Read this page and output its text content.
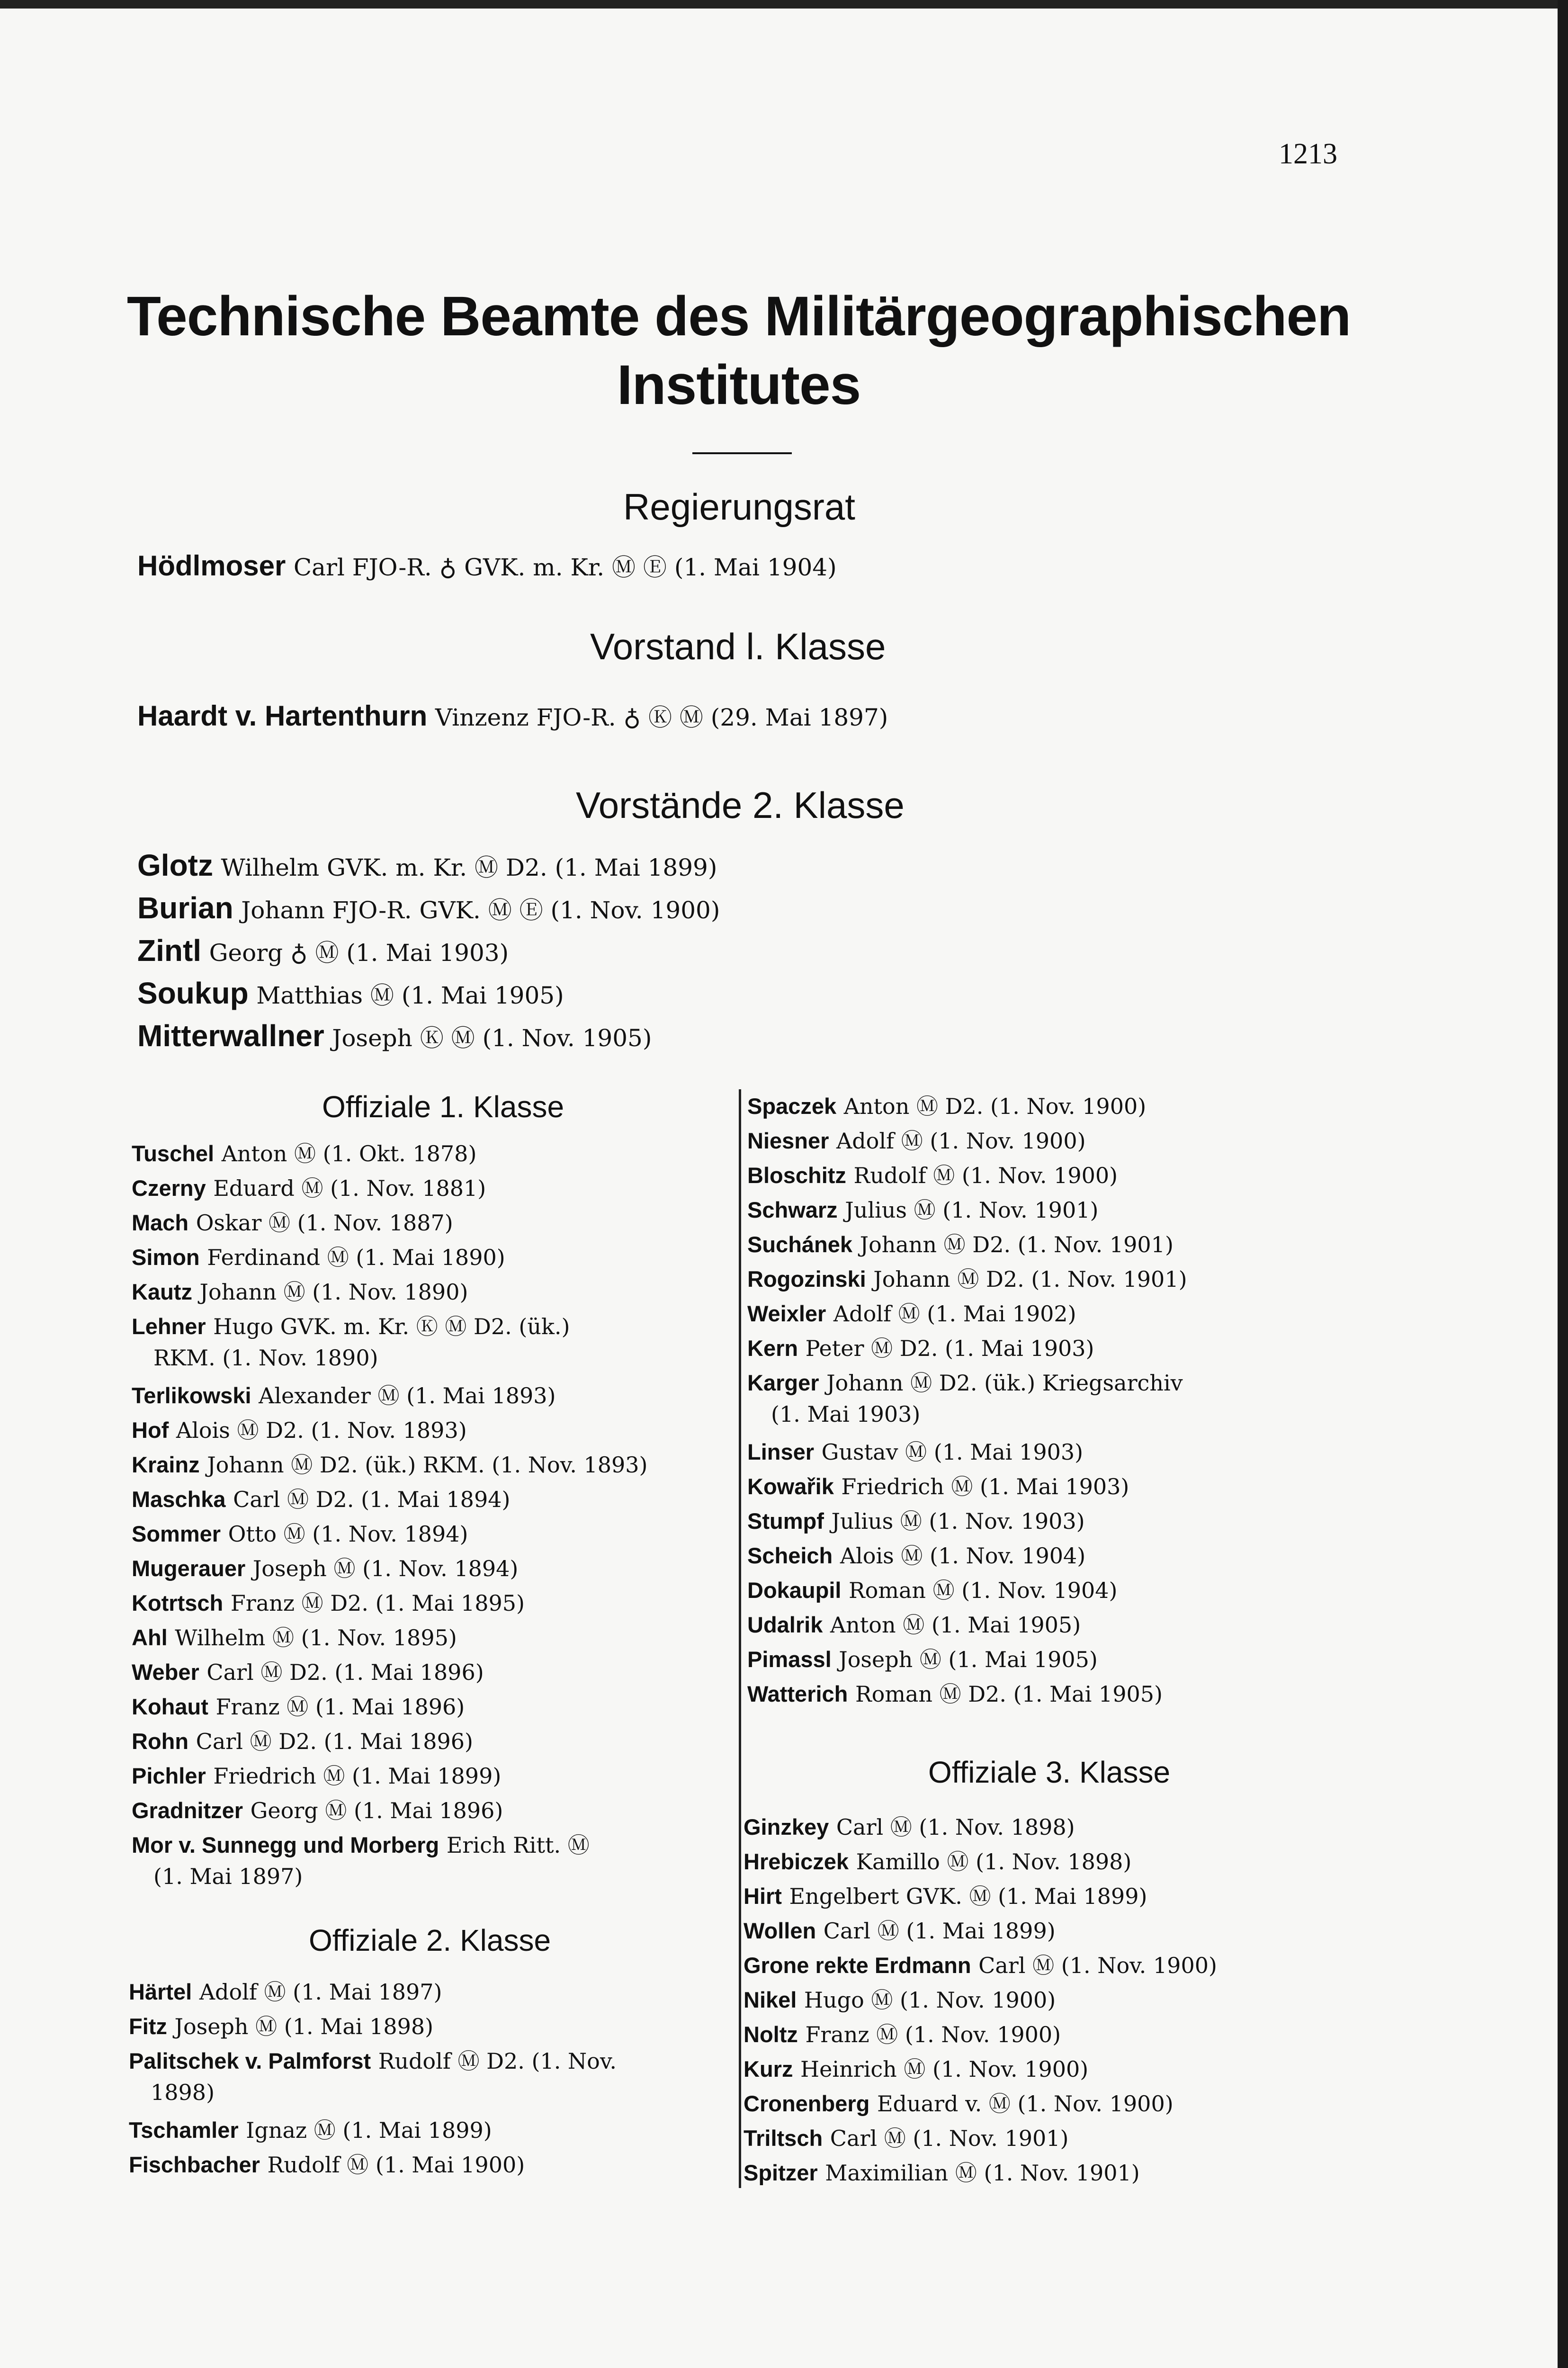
1213
Technische Beamte des Militärgeographischen
Institutes
Regierungsrat
Hödlmoser Carl FJO-R. ♁ GVK. m. Kr. Ⓜ Ⓔ (1. Mai 1904)
Vorstand l. Klasse
Haardt v. Hartenthurn Vinzenz FJO-R. ♁ Ⓚ Ⓜ (29. Mai 1897)
Vorstände 2. Klasse
Glotz Wilhelm GVK. m. Kr. Ⓜ D2. (1. Mai 1899)
Burian Johann FJO-R. GVK. Ⓜ Ⓔ (1. Nov. 1900)
Zintl Georg ♁ Ⓜ (1. Mai 1903)
Soukup Matthias Ⓜ (1. Mai 1905)
Mitterwallner Joseph Ⓚ Ⓜ (1. Nov. 1905)
Offiziale 1. Klasse
Tuschel Anton Ⓜ (1. Okt. 1878)
Czerny Eduard Ⓜ (1. Nov. 1881)
Mach Oskar Ⓜ (1. Nov. 1887)
Simon Ferdinand Ⓜ (1. Mai 1890)
Kautz Johann Ⓜ (1. Nov. 1890)
Lehner Hugo GVK. m. Kr. Ⓚ Ⓜ D2. (ük.)
RKM. (1. Nov. 1890)
Terlikowski Alexander Ⓜ (1. Mai 1893)
Hof Alois Ⓜ D2. (1. Nov. 1893)
Krainz Johann Ⓜ D2. (ük.) RKM. (1. Nov. 1893)
Maschka Carl Ⓜ D2. (1. Mai 1894)
Sommer Otto Ⓜ (1. Nov. 1894)
Mugerauer Joseph Ⓜ (1. Nov. 1894)
Kotrtsch Franz Ⓜ D2. (1. Mai 1895)
Ahl Wilhelm Ⓜ (1. Nov. 1895)
Weber Carl Ⓜ D2. (1. Mai 1896)
Kohaut Franz Ⓜ (1. Mai 1896)
Rohn Carl Ⓜ D2. (1. Mai 1896)
Pichler Friedrich Ⓜ (1. Mai 1899)
Gradnitzer Georg Ⓜ (1. Mai 1896)
Mor v. Sunnegg und Morberg Erich Ritt. Ⓜ
(1. Mai 1897)
Offiziale 2. Klasse
Härtel Adolf Ⓜ (1. Mai 1897)
Fitz Joseph Ⓜ (1. Mai 1898)
Palitschek v. Palmforst Rudolf Ⓜ D2. (1. Nov.
1898)
Tschamler Ignaz Ⓜ (1. Mai 1899)
Fischbacher Rudolf Ⓜ (1. Mai 1900)
Spaczek Anton Ⓜ D2. (1. Nov. 1900)
Niesner Adolf Ⓜ (1. Nov. 1900)
Bloschitz Rudolf Ⓜ (1. Nov. 1900)
Schwarz Julius Ⓜ (1. Nov. 1901)
Suchánek Johann Ⓜ D2. (1. Nov. 1901)
Rogozinski Johann Ⓜ D2. (1. Nov. 1901)
Weixler Adolf Ⓜ (1. Mai 1902)
Kern Peter Ⓜ D2. (1. Mai 1903)
Karger Johann Ⓜ D2. (ük.) Kriegsarchiv
(1. Mai 1903)
Linser Gustav Ⓜ (1. Mai 1903)
Kowařik Friedrich Ⓜ (1. Mai 1903)
Stumpf Julius Ⓜ (1. Nov. 1903)
Scheich Alois Ⓜ (1. Nov. 1904)
Dokaupil Roman Ⓜ (1. Nov. 1904)
Udalrik Anton Ⓜ (1. Mai 1905)
Pimassl Joseph Ⓜ (1. Mai 1905)
Watterich Roman Ⓜ D2. (1. Mai 1905)
Offiziale 3. Klasse
Ginzkey Carl Ⓜ (1. Nov. 1898)
Hrebiczek Kamillo Ⓜ (1. Nov. 1898)
Hirt Engelbert GVK. Ⓜ (1. Mai 1899)
Wollen Carl Ⓜ (1. Mai 1899)
Grone rekte Erdmann Carl Ⓜ (1. Nov. 1900)
Nikel Hugo Ⓜ (1. Nov. 1900)
Noltz Franz Ⓜ (1. Nov. 1900)
Kurz Heinrich Ⓜ (1. Nov. 1900)
Cronenberg Eduard v. Ⓜ (1. Nov. 1900)
Triltsch Carl Ⓜ (1. Nov. 1901)
Spitzer Maximilian Ⓜ (1. Nov. 1901)
